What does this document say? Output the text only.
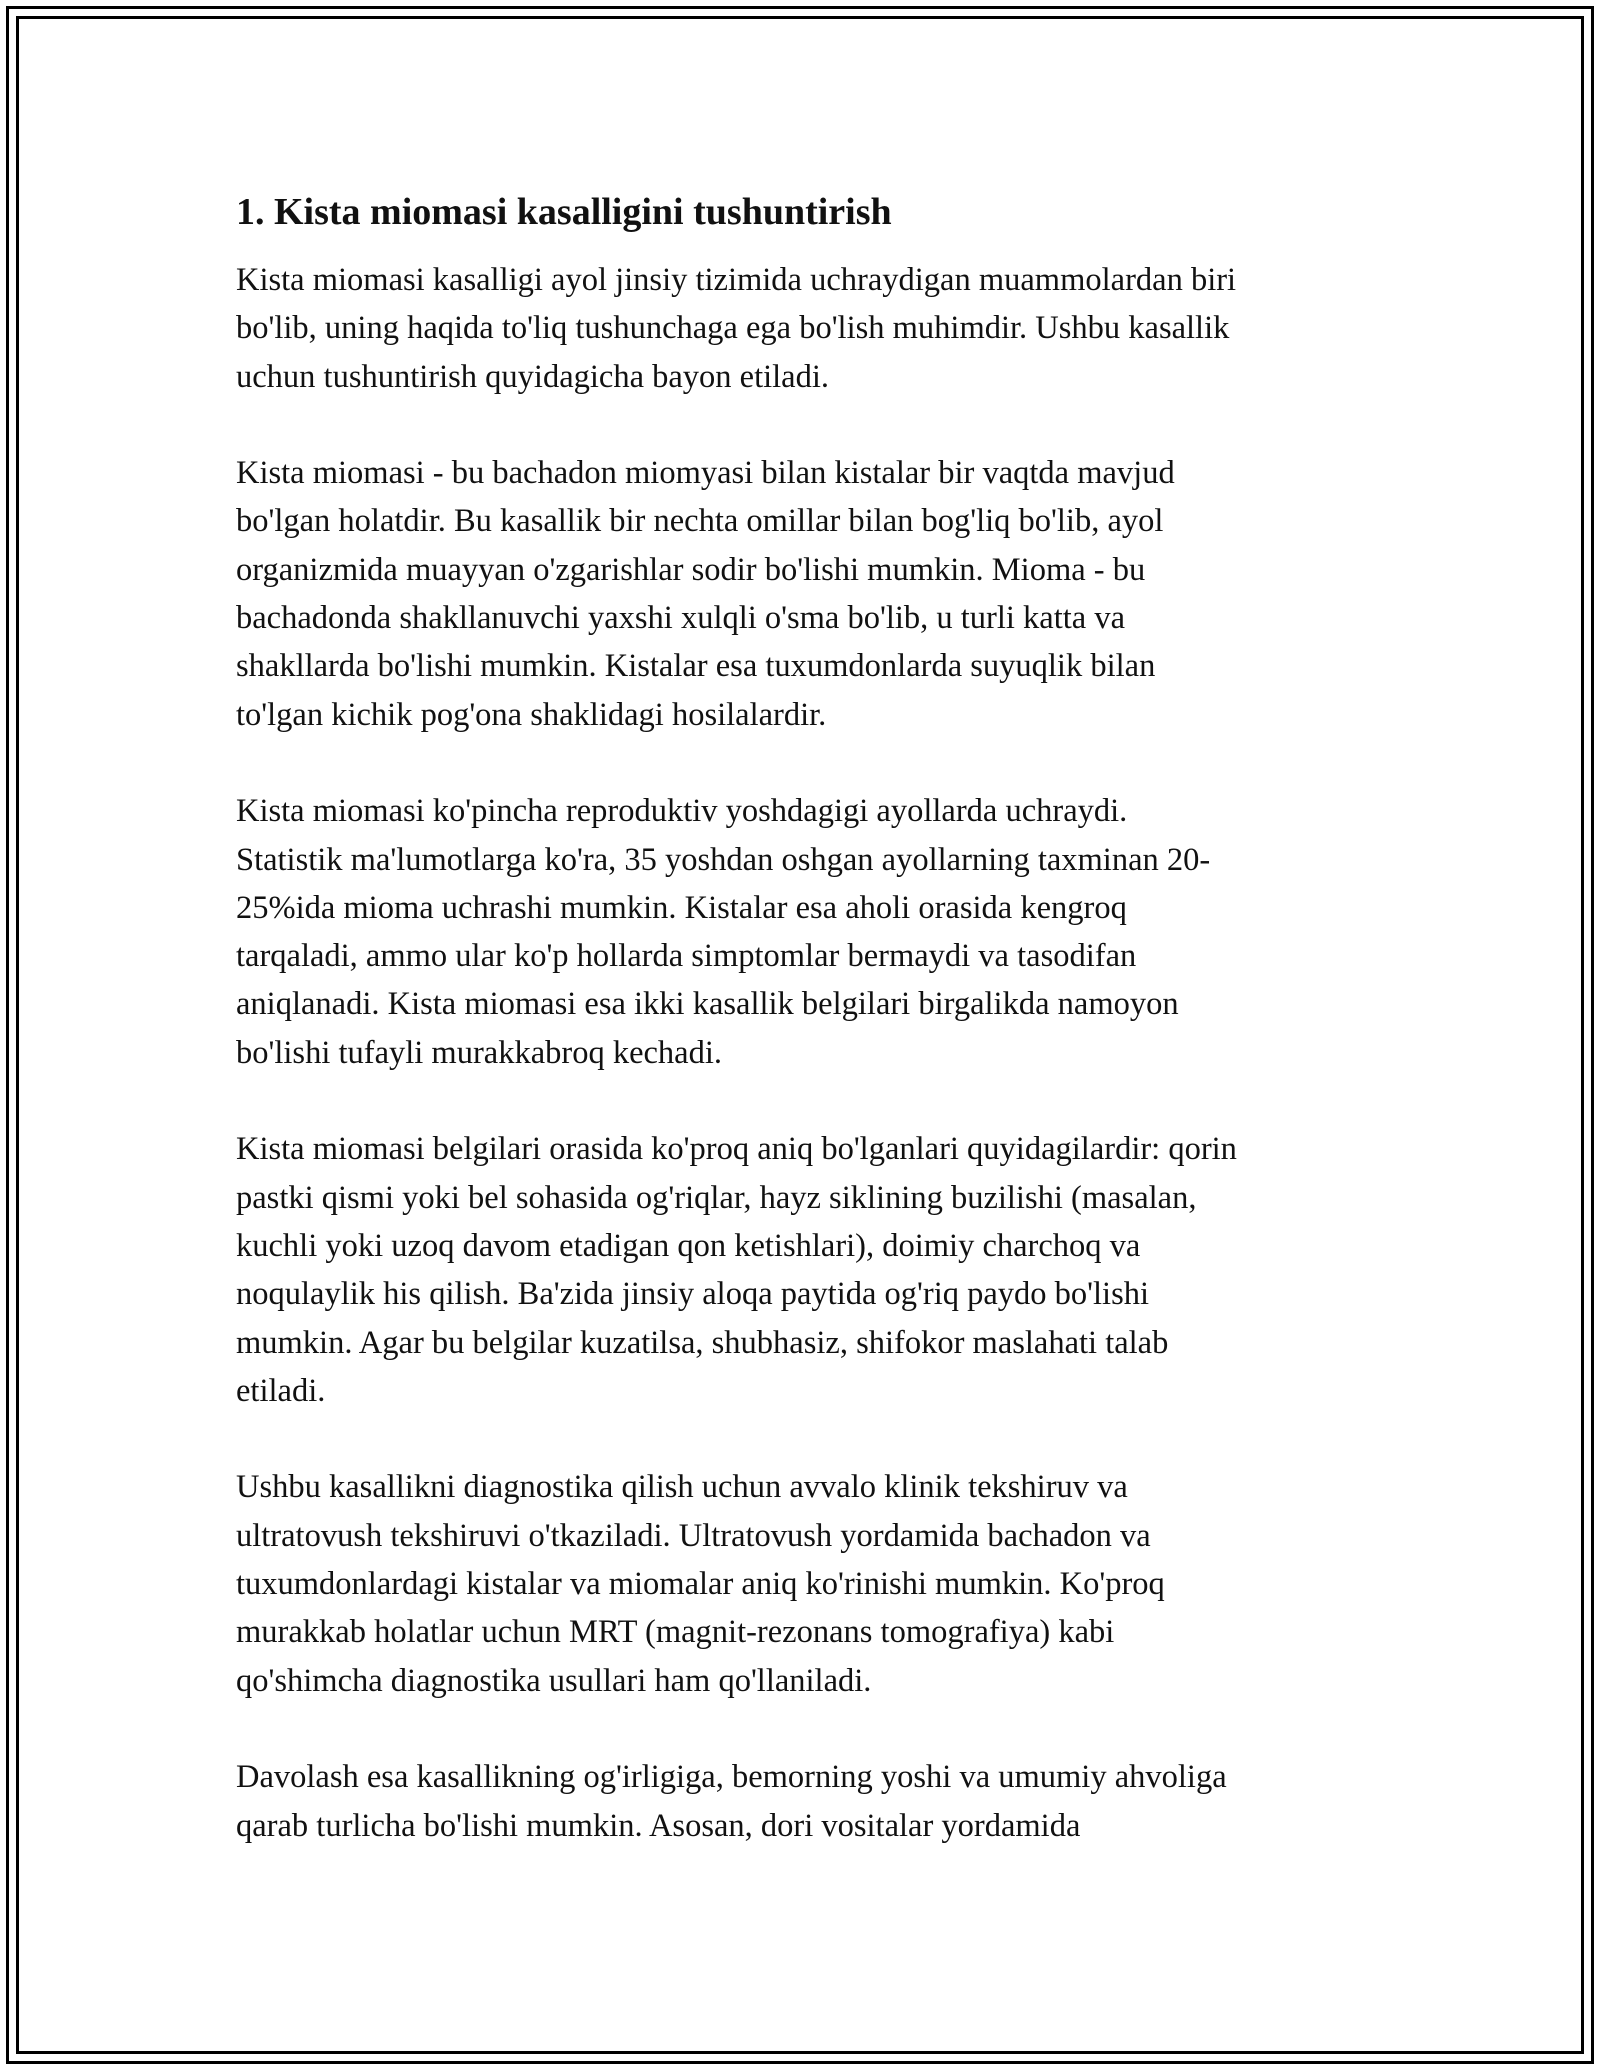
1. Kista miomasi kasalligini tushuntirish
Kista miomasi kasalligi ayol jinsiy tizimida uchraydigan muammolardan biri
bo'lib, uning haqida to'liq tushunchaga ega bo'lish muhimdir. Ushbu kasallik
uchun tushuntirish quyidagicha bayon etiladi.
Kista miomasi - bu bachadon miomyasi bilan kistalar bir vaqtda mavjud
bo'lgan holatdir. Bu kasallik bir nechta omillar bilan bog'liq bo'lib, ayol
organizmida muayyan o'zgarishlar sodir bo'lishi mumkin. Mioma - bu
bachadonda shakllanuvchi yaxshi xulqli o'sma bo'lib, u turli katta va
shakllarda bo'lishi mumkin. Kistalar esa tuxumdonlarda suyuqlik bilan
to'lgan kichik pog'ona shaklidagi hosilalardir.
Kista miomasi ko'pincha reproduktiv yoshdagigi ayollarda uchraydi.
Statistik ma'lumotlarga ko'ra, 35 yoshdan oshgan ayollarning taxminan 20-
25%ida mioma uchrashi mumkin. Kistalar esa aholi orasida kengroq
tarqaladi, ammo ular ko'p hollarda simptomlar bermaydi va tasodifan
aniqlanadi. Kista miomasi esa ikki kasallik belgilari birgalikda namoyon
bo'lishi tufayli murakkabroq kechadi.
Kista miomasi belgilari orasida ko'proq aniq bo'lganlari quyidagilardir: qorin
pastki qismi yoki bel sohasida og'riqlar, hayz siklining buzilishi (masalan,
kuchli yoki uzoq davom etadigan qon ketishlari), doimiy charchoq va
noqulaylik his qilish. Ba'zida jinsiy aloqa paytida og'riq paydo bo'lishi
mumkin. Agar bu belgilar kuzatilsa, shubhasiz, shifokor maslahati talab
etiladi.
Ushbu kasallikni diagnostika qilish uchun avvalo klinik tekshiruv va
ultratovush tekshiruvi o'tkaziladi. Ultratovush yordamida bachadon va
tuxumdonlardagi kistalar va miomalar aniq ko'rinishi mumkin. Ko'proq
murakkab holatlar uchun MRT (magnit-rezonans tomografiya) kabi
qo'shimcha diagnostika usullari ham qo'llaniladi.
Davolash esa kasallikning og'irligiga, bemorning yoshi va umumiy ahvoliga
qarab turlicha bo'lishi mumkin. Asosan, dori vositalar yordamida
